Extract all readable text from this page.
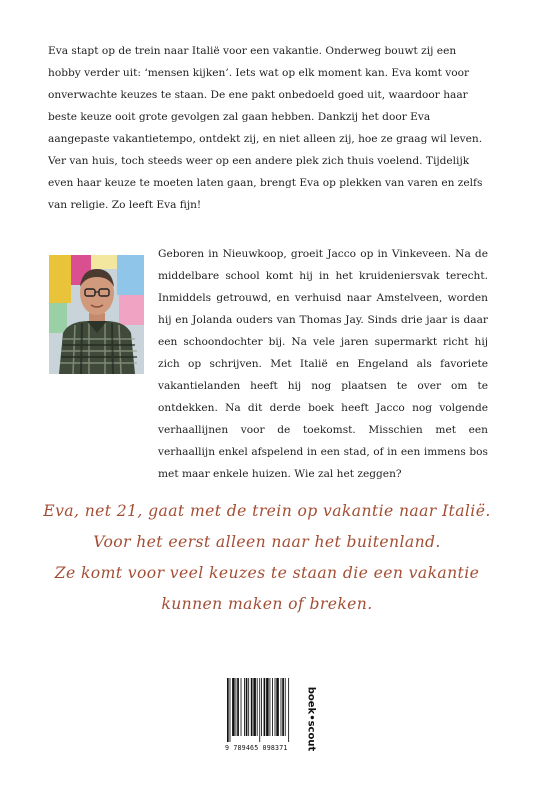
Eva stapt op de trein naar Italië voor een vakantie. Onderweg bouwt zij een hobby verder uit: ‘mensen kijken’. Iets wat op elk moment kan. Eva komt voor onverwachte keuzes te staan. De ene pakt onbedoeld goed uit, waardoor haar beste keuze ooit grote gevolgen zal gaan hebben. Dankzij het door Eva aangepaste vakantietempo, ontdekt zij, en niet alleen zij, hoe ze graag wil leven. Ver van huis, toch steeds weer op een andere plek zich thuis voelend. Tijdelijk even haar keuze te moeten laten gaan, brengt Eva op plekken van varen en zelfs van religie. Zo leeft Eva fijn!

Geboren in Nieuwkoop, groeit Jacco op in Vinkeveen. Na de middelbare school komt hij in het kruideniersvak terecht. Inmiddels getrouwd, en verhuisd naar Amstelveen, worden hij en Jolanda ouders van Thomas Jay. Sinds drie jaar is daar een schoondochter bij. Na vele jaren supermarkt richt hij zich op schrijven. Met Italië en Engeland als favoriete vakantielanden heeft hij nog plaatsen te over om te ontdekken. Na dit derde boek heeft Jacco nog volgende verhaallijnen voor de toekomst. Misschien met een verhaallijn enkel afspelend in een stad, of in een immens bos met maar enkele huizen. Wie zal het zeggen?

Eva, net 21, gaat met de trein op vakantie naar Italië.
Voor het eerst alleen naar het buitenland.
Ze komt voor veel keuzes te staan die een vakantie
kunnen maken of breken.
9 789465 098371	boek•scout
